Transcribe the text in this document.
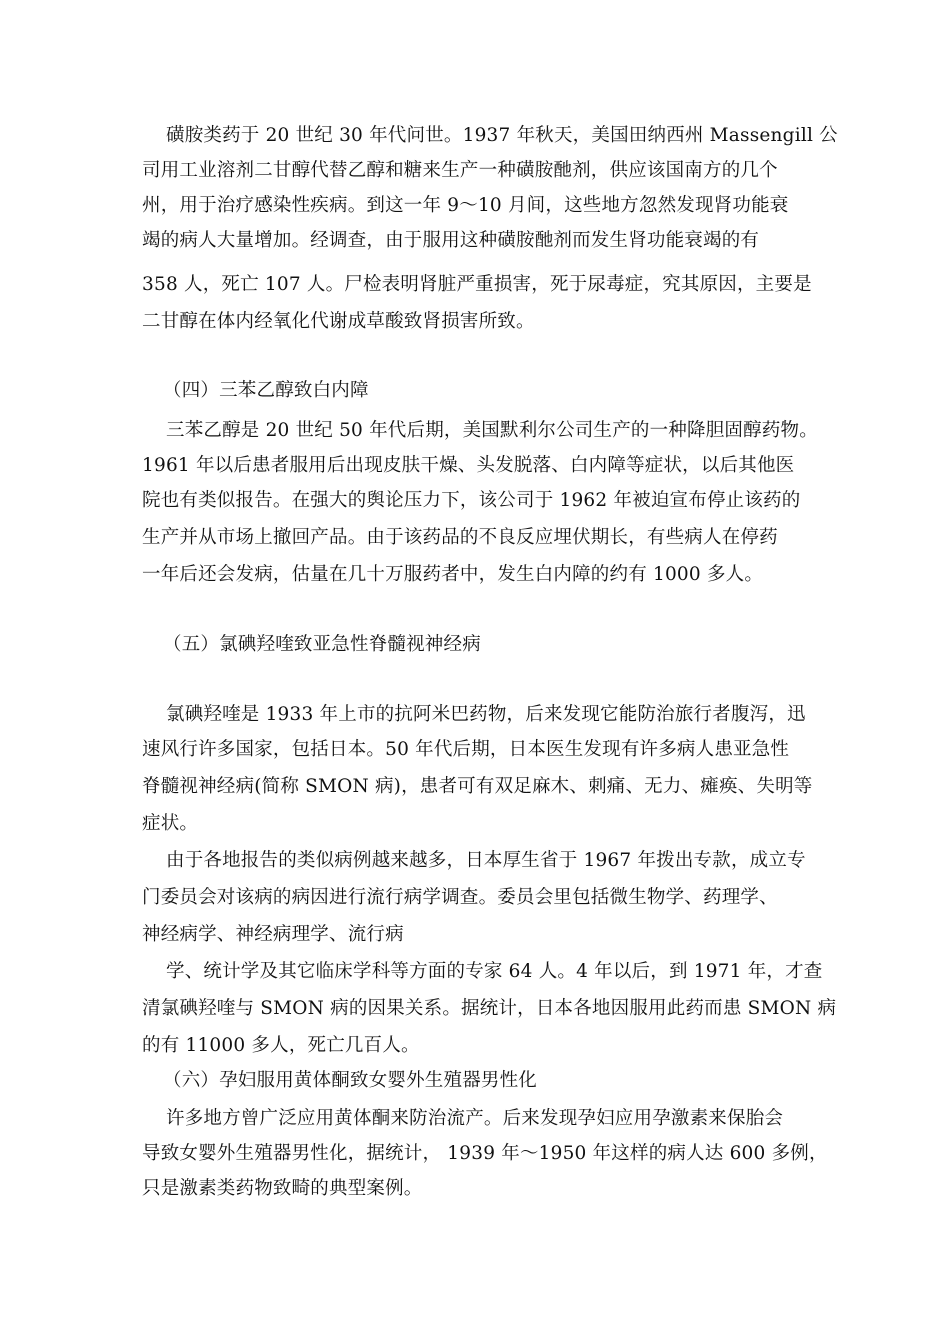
磺胺类药于 20 世纪 30 年代问世。1937 年秋天，美国田纳西州 Massengill 公
司用工业溶剂二甘醇代替乙醇和糖来生产一种磺胺酏剂，供应该国南方的几个
州，用于治疗感染性疾病。到这一年 9～10 月间，这些地方忽然发现肾功能衰
竭的病人大量增加。经调查，由于服用这种磺胺酏剂而发生肾功能衰竭的有
358 人，死亡 107 人。尸检表明肾脏严重损害，死于尿毒症，究其原因，主要是
二甘醇在体内经氧化代谢成草酸致肾损害所致。
（四）三苯乙醇致白内障
三苯乙醇是 20 世纪 50 年代后期，美国默利尔公司生产的一种降胆固醇药物。
1961 年以后患者服用后出现皮肤干燥、头发脱落、白内障等症状，以后其他医
院也有类似报告。在强大的舆论压力下，该公司于 1962 年被迫宣布停止该药的
生产并从市场上撤回产品。由于该药品的不良反应埋伏期长，有些病人在停药
一年后还会发病，估量在几十万服药者中，发生白内障的约有 1000 多人。
（五）氯碘羟喹致亚急性脊髓视神经病
氯碘羟喹是 1933 年上市的抗阿米巴药物，后来发现它能防治旅行者腹泻，迅
速风行许多国家，包括日本。50 年代后期，日本医生发现有许多病人患亚急性
脊髓视神经病(简称 SMON 病)，患者可有双足麻木、刺痛、无力、瘫痪、失明等
症状。
由于各地报告的类似病例越来越多，日本厚生省于 1967 年拨出专款，成立专
门委员会对该病的病因进行流行病学调查。委员会里包括微生物学、药理学、
神经病学、神经病理学、流行病
学、统计学及其它临床学科等方面的专家 64 人。4 年以后，到 1971 年，才查
清氯碘羟喹与 SMON 病的因果关系。据统计，日本各地因服用此药而患 SMON 病
的有 11000 多人，死亡几百人。
（六）孕妇服用黄体酮致女婴外生殖器男性化
许多地方曾广泛应用黄体酮来防治流产。后来发现孕妇应用孕激素来保胎会
导致女婴外生殖器男性化，据统计， 1939 年～1950 年这样的病人达 600 多例，
只是激素类药物致畸的典型案例。
